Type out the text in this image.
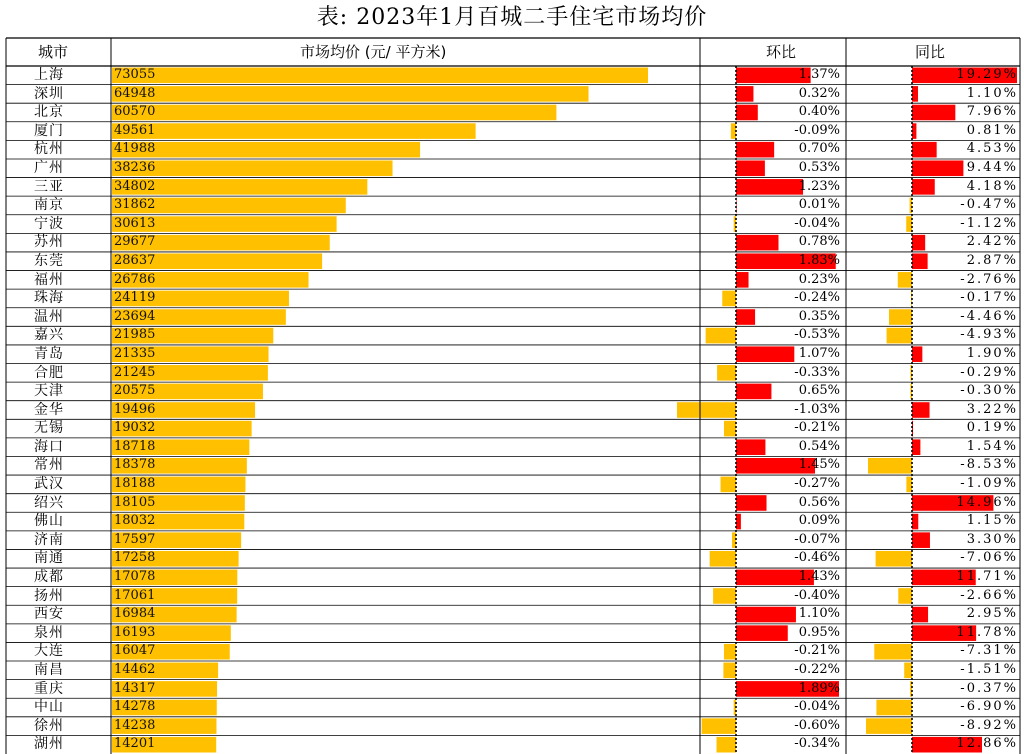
表: 2023年1月百城二手住宅市场均价
城市	市场均价 (元/ 平方米)	环比	同比
上海	73055	1.37%	19.29%
深圳	64948	0.32%	1.10%
北京	60570	0.40%	7.96%
厦门	49561	-0.09%	0.81%
杭州	41988	0.70%	4.53%
广州	38236	0.53%	9.44%
三亚	34802	1.23%	4.18%
南京	31862	0.01%	-0.47%
宁波	30613	-0.04%	-1.12%
苏州	29677	0.78%	2.42%
东莞	28637	1.83%	2.87%
福州	26786	0.23%	-2.76%
珠海	24119	-0.24%	-0.17%
温州	23694	0.35%	-4.46%
嘉兴	21985	-0.53%	-4.93%
青岛	21335	1.07%	1.90%
合肥	21245	-0.33%	-0.29%
天津	20575	0.65%	-0.30%
金华	19496	-1.03%	3.22%
无锡	19032	-0.21%	0.19%
海口	18718	0.54%	1.54%
常州	18378	1.45%	-8.53%
武汉	18188	-0.27%	-1.09%
绍兴	18105	0.56%	14.96%
佛山	18032	0.09%	1.15%
济南	17597	-0.07%	3.30%
南通	17258	-0.46%	-7.06%
成都	17078	1.43%	11.71%
扬州	17061	-0.40%	-2.66%
西安	16984	1.10%	2.95%
泉州	16193	0.95%	11.78%
大连	16047	-0.21%	-7.31%
南昌	14462	-0.22%	-1.51%
重庆	14317	1.89%	-0.37%
中山	14278	-0.04%	-6.90%
徐州	14238	-0.60%	-8.92%
湖州	14201	-0.34%	12.86%
